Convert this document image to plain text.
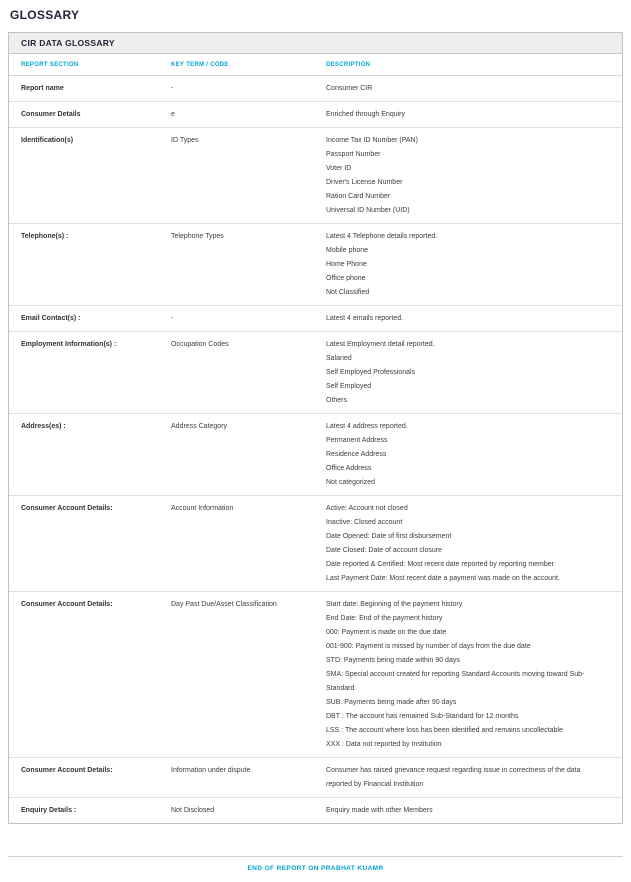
GLOSSARY
CIR DATA GLOSSARY
REPORT SECTION	KEY TERM / CODE	DESCRIPTION
Report name	-	Consumer CIR
Consumer Details	e	Enriched through Enquiry
Identification(s)	ID Types	Income Tax ID Number (PAN)
Passport Number
Voter ID
Driver's License Number
Ration Card Number
Universal ID Number (UID)
Telephone(s) :	Telephone Types	Latest 4 Telephone details reported.
Mobile phone
Home Phone
Office phone
Not Classified
Email Contact(s) :	-	Latest 4 emails reported.
Employment Information(s) :	Occupation Codes	Latest Employment detail reported.
Salaried
Self Employed Professionals
Self Employed
Others
Address(es) :	Address Category	Latest 4 address reported.
Permanent Address
Residence Address
Office Address
Not categorized
Consumer Account Details:	Account Information	Active: Account not closed
Inactive: Closed account
Date Opened: Date of first disbursement
Date Closed: Date of account closure
Date reported & Certified: Most recent date reported by reporting member
Last Payment Date: Most recent date a payment was made on the account.
Consumer Account Details:	Day Past Due/Asset Classification	Start date: Beginning of the payment history
End Date: End of the payment history
000: Payment is made on the due date
001-900: Payment is missed by number of days from the due date
STD: Payments being made within 90 days
SMA: Special account created for reporting Standard Accounts moving toward Sub-Standard
SUB. Payments being made after 90 days
DBT : The account has remained Sub-Standard for 12 months
LSS : The account where loss has been identified and remains uncollectable
XXX : Data not reported by Institution
Consumer Account Details:	Information under dispute	Consumer has raised grievance request regarding issue in correctness of the data reported by Financial Institution
Enquiry Details :	Not Disclosed	Enquiry made with other Members
END OF REPORT ON PRABHAT KUAMR
